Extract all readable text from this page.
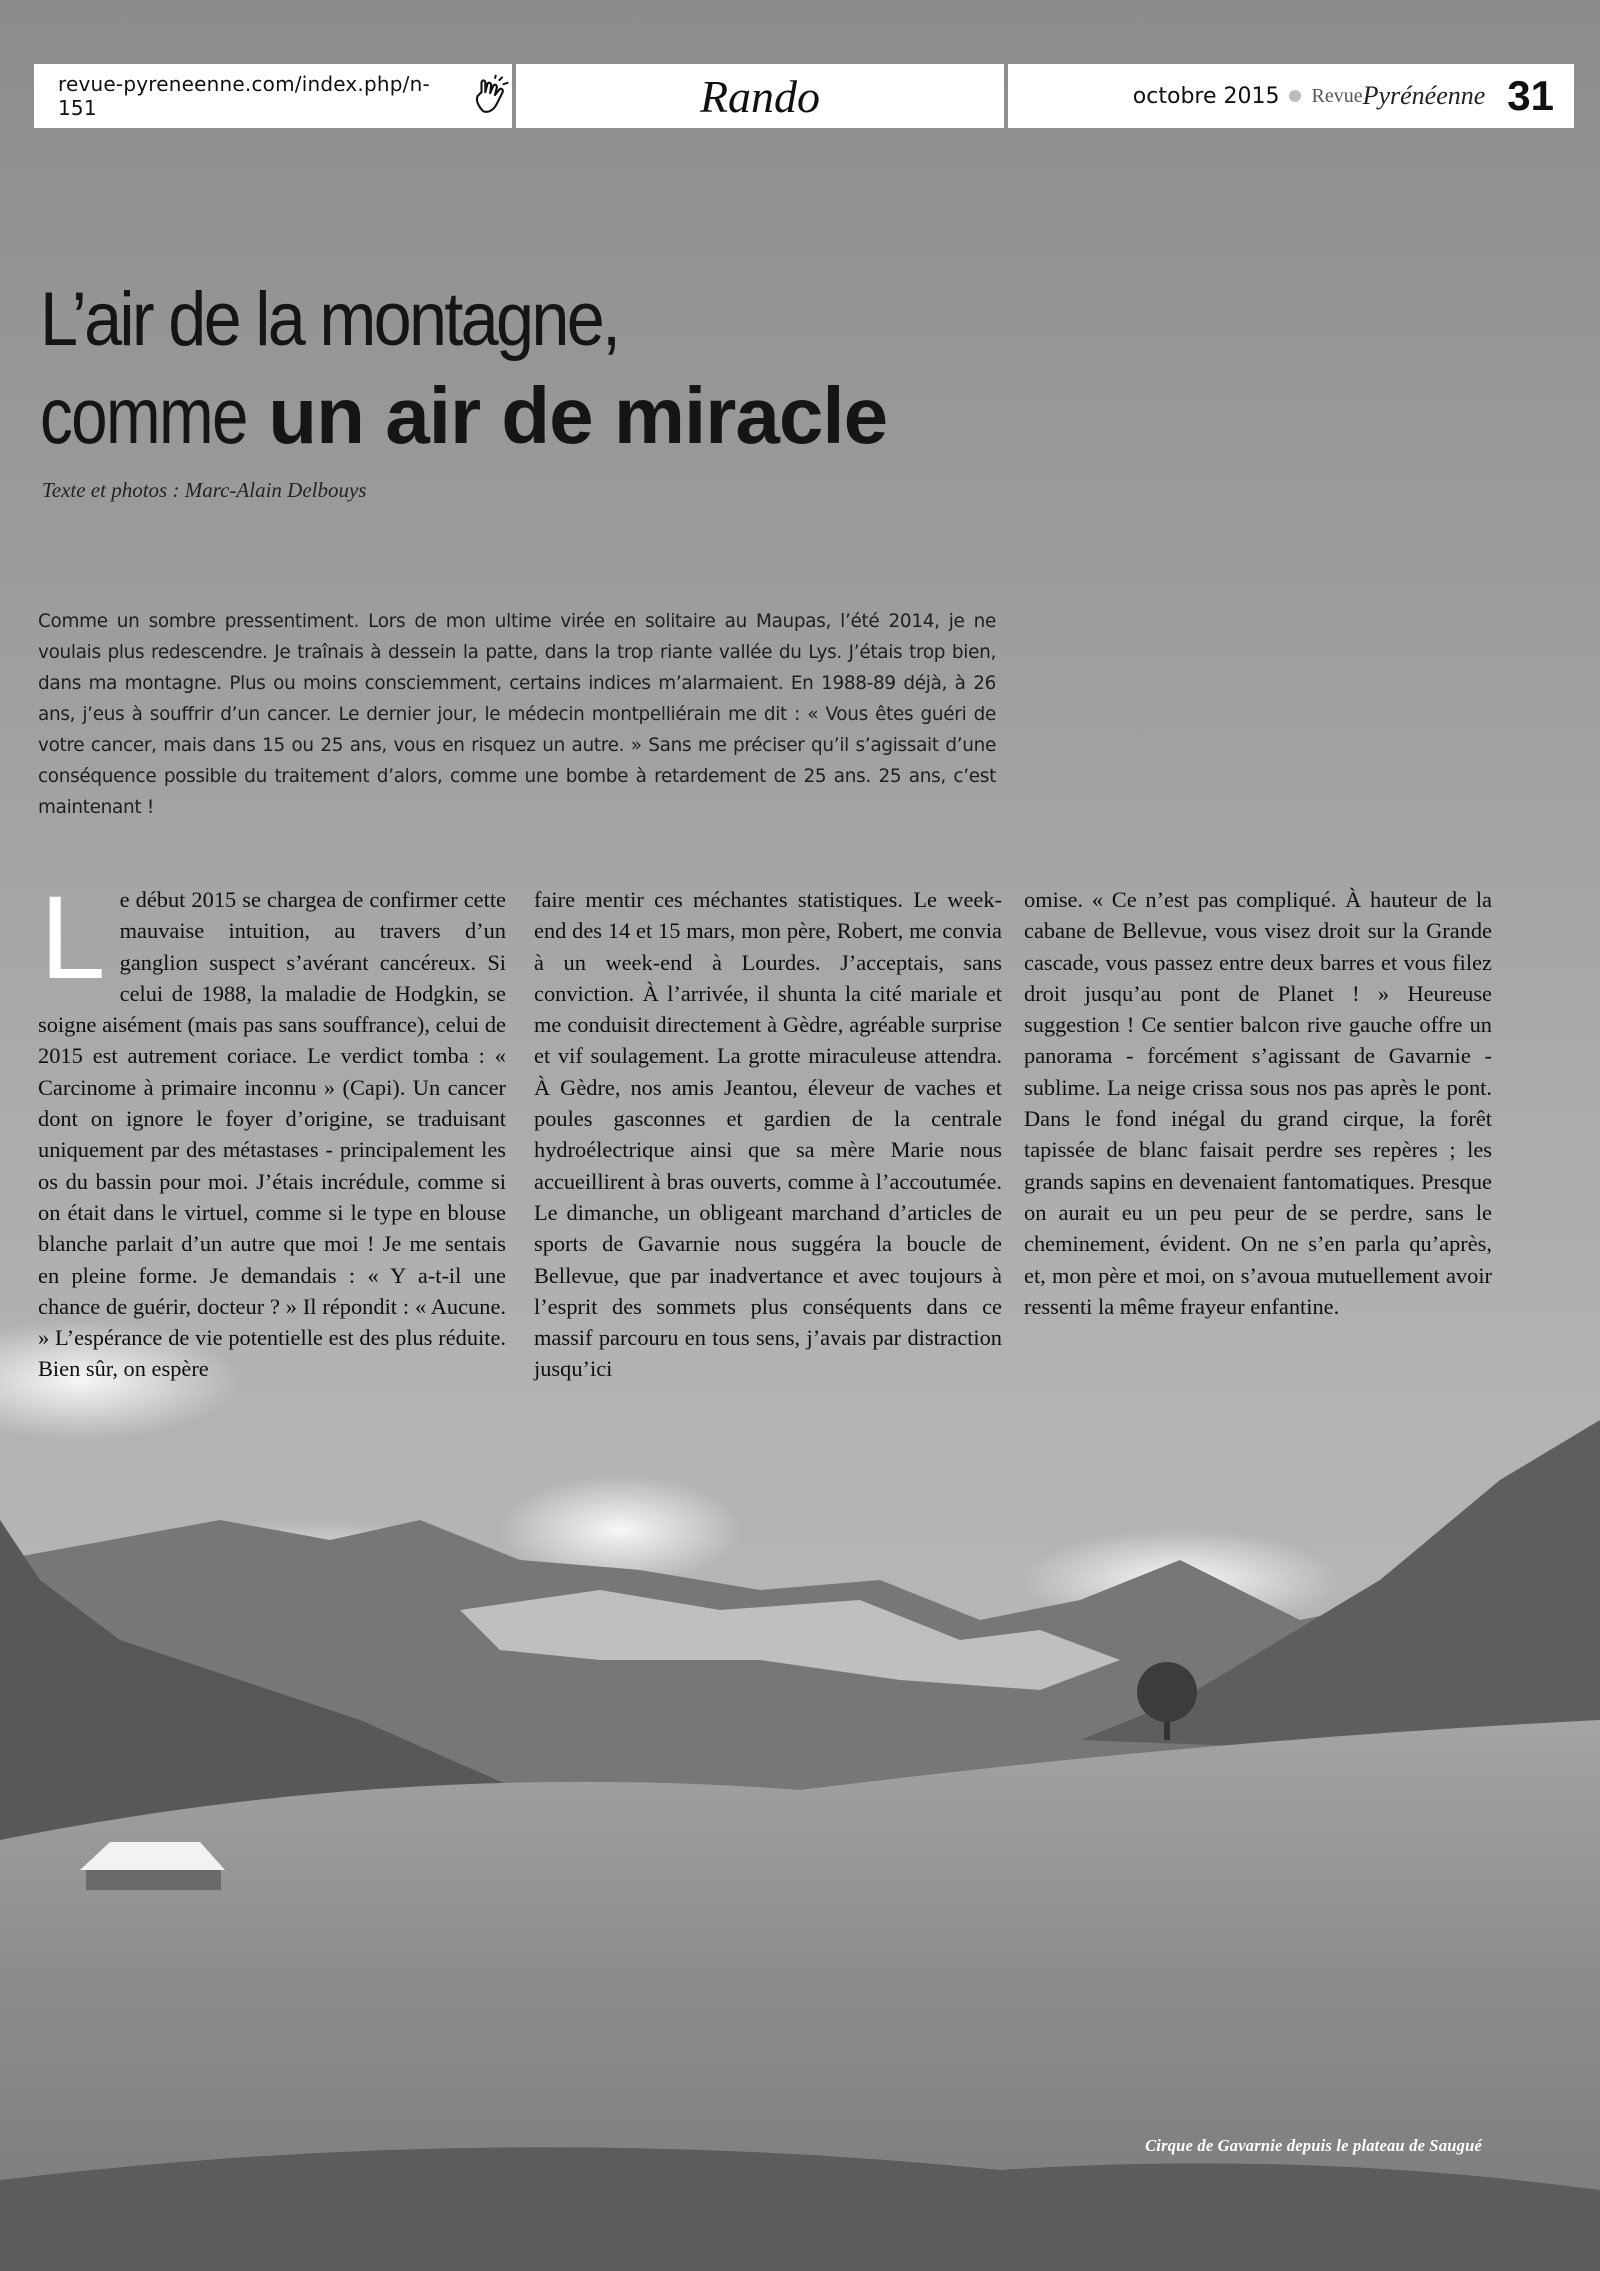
revue-pyreneenne.com/index.php/n-151	Rando	octobre 2015 Revue Pyrénéenne 31
L’air de la montagne,
commeun air de miracle
Texte et photos : Marc-Alain Delbouys

Comme un sombre pressentiment. Lors de mon ultime virée en solitaire au Maupas, l’été 2014, je ne voulais plus redescendre. Je traînais à dessein la patte, dans la trop riante vallée du Lys. J’étais trop bien, dans ma montagne. Plus ou moins consciemment, certains indices m’alarmaient. En 1988-89 déjà, à 26 ans, j’eus à souffrir d’un cancer. Le dernier jour, le médecin montpelliérain me dit : « Vous êtes guéri de votre cancer, mais dans 15 ou 25 ans, vous en risquez un autre. » Sans me préciser qu’il s’agissait d’une conséquence possible du traitement d’alors, comme une bombe à retardement de 25 ans. 25 ans, c’est maintenant !

L e début 2015 se chargea de confirmer cette mauvaise intuition, au travers d’un ganglion suspect s’avérant cancéreux. Si celui de 1988, la maladie de Hodgkin, se soigne aisément (mais pas sans souffrance), celui de 2015 est autrement coriace. Le verdict tomba : « Carcinome à primaire inconnu » (Capi). Un cancer dont on ignore le foyer d’origine, se traduisant uniquement par des métastases - principalement les os du bassin pour moi. J’étais incrédule, comme si on était dans le virtuel, comme si le type en blouse blanche parlait d’un autre que moi ! Je me sentais en pleine forme. Je demandais : « Y a-t-il une chance de guérir, docteur ? » Il répondit : « Aucune. » L’espérance de vie potentielle est des plus réduite. Bien sûr, on espère
faire mentir ces méchantes statistiques. Le week-end des 14 et 15 mars, mon père, Robert, me convia à un week-end à Lourdes. J’acceptais, sans conviction. À l’arrivée, il shunta la cité mariale et me conduisit directement à Gèdre, agréable surprise et vif soulagement. La grotte miraculeuse attendra. À Gèdre, nos amis Jeantou, éleveur de vaches et poules gasconnes et gardien de la centrale hydroélectrique ainsi que sa mère Marie nous accueillirent à bras ouverts, comme à l’accoutumée. Le dimanche, un obligeant marchand d’articles de sports de Gavarnie nous suggéra la boucle de Bellevue, que par inadvertance et avec toujours à l’esprit des sommets plus conséquents dans ce massif parcouru en tous sens, j’avais par distraction jusqu’ici
omise. « Ce n’est pas compliqué. À hauteur de la cabane de Bellevue, vous visez droit sur la Grande cascade, vous passez entre deux barres et vous filez droit jusqu’au pont de Planet ! » Heureuse suggestion ! Ce sentier balcon rive gauche offre un panorama - forcément s’agissant de Gavarnie - sublime. La neige crissa sous nos pas après le pont. Dans le fond inégal du grand cirque, la forêt tapissée de blanc faisait perdre ses repères ; les grands sapins en devenaient fantomatiques. Presque on aurait eu un peu peur de se perdre, sans le cheminement, évident. On ne s’en parla qu’après, et, mon père et moi, on s’avoua mutuellement avoir ressenti la même frayeur enfantine.
Cirque de Gavarnie depuis le plateau de Saugué
